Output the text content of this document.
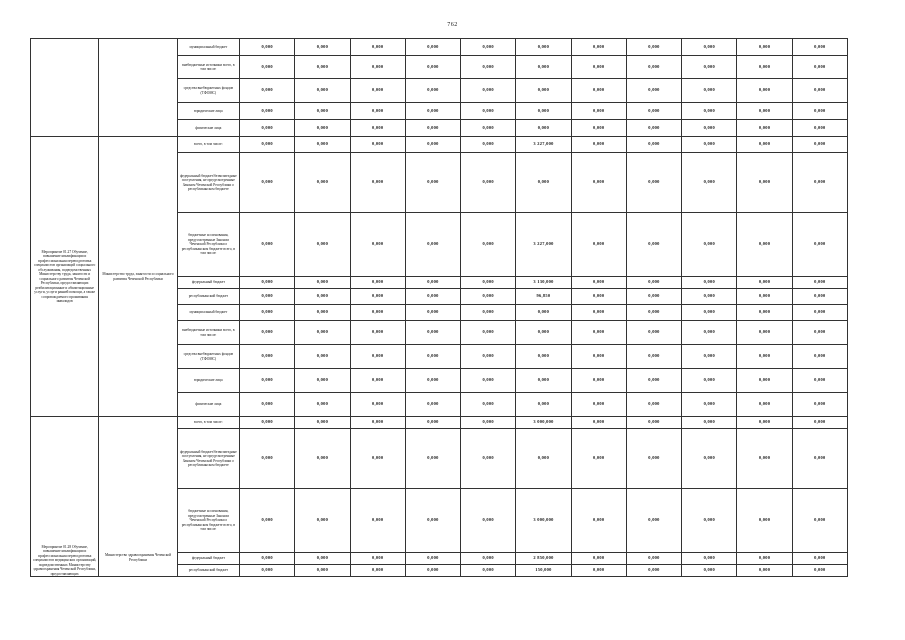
762
		муниципальный бюджет	0,000	0,000	0,000	0,000	0,000	0,000	0,000	0,000	0,000	0,000	0,000
		внебюджетные источники всего, в том числе:	0,000	0,000	0,000	0,000	0,000	0,000	0,000	0,000	0,000	0,000	0,000
		средства внебюджетных фондов (ТФОМС)	0,000	0,000	0,000	0,000	0,000	0,000	0,000	0,000	0,000	0,000	0,000
		юридические лица	0,000	0,000	0,000	0,000	0,000	0,000	0,000	0,000	0,000	0,000	0,000
		физические лица	0,000	0,000	0,000	0,000	0,000	0,000	0,000	0,000	0,000	0,000	0,000
Мероприятие 01.27 Обучение, повышение квалификации и профессиональная переподготовка специалистов организаций социального обслуживания, подведомственных Министерству труда, занятости и социального развития Чеченской Республики, предоставляющих реабилитационные и абилитационные услуги, услуги ранней помощи, а также сопровождаемого проживания инвалидов	Министерство труда, занятости и социального развития Чеченской Республики	всего, в том числе:	0,000	0,000	0,000	0,000	0,000	3 227,000	0,000	0,000	0,000	0,000	0,000
		федеральный бюджет/безвозмездные поступления, не предусмотренные Законом Чеченской Республики о республиканском бюджете	0,000	0,000	0,000	0,000	0,000	0,000	0,000	0,000	0,000	0,000	0,000
		бюджетные ассигнования, предусмотренные Законом Чеченской Республики о республиканском бюджете всего, в том числе:	0,000	0,000	0,000	0,000	0,000	3 227,000	0,000	0,000	0,000	0,000	0,000
		федеральный бюджет	0,000	0,000	0,000	0,000	0,000	3 130,000	0,000	0,000	0,000	0,000	0,000
		республиканский бюджет	0,000	0,000	0,000	0,000	0,000	96,850	0,000	0,000	0,000	0,000	0,000
		муниципальный бюджет	0,000	0,000	0,000	0,000	0,000	0,000	0,000	0,000	0,000	0,000	0,000
		внебюджетные источники всего, в том числе:	0,000	0,000	0,000	0,000	0,000	0,000	0,000	0,000	0,000	0,000	0,000
		средства внебюджетных фондов (ТФОМС)	0,000	0,000	0,000	0,000	0,000	0,000	0,000	0,000	0,000	0,000	0,000
		юридические лица	0,000	0,000	0,000	0,000	0,000	0,000	0,000	0,000	0,000	0,000	0,000
		физические лица	0,000	0,000	0,000	0,000	0,000	0,000	0,000	0,000	0,000	0,000	0,000
Мероприятие 01.28 Обучение, повышение квалификации и профессиональная переподготовка специалистов медицинских организаций, подведомственных Министерству здравоохранения Чеченской Республики, предоставляющих	Министерство здравоохранения Чеченской Республики	всего, в том числе:	0,000	0,000	0,000	0,000	0,000	3 000,000	0,000	0,000	0,000	0,000	0,000
		федеральный бюджет/безвозмездные поступления, не предусмотренные Законом Чеченской Республики о республиканском бюджете	0,000	0,000	0,000	0,000	0,000	0,000	0,000	0,000	0,000	0,000	0,000
		бюджетные ассигнования, предусмотренные Законом Чеченской Республики о республиканском бюджете всего, в том числе:	0,000	0,000	0,000	0,000	0,000	3 000,000	0,000	0,000	0,000	0,000	0,000
		федеральный бюджет	0,000	0,000	0,000	0,000	0,000	2 850,000	0,000	0,000	0,000	0,000	0,000
		республиканский бюджет	0,000	0,000	0,000	0,000	0,000	150,000	0,000	0,000	0,000	0,000	0,000
